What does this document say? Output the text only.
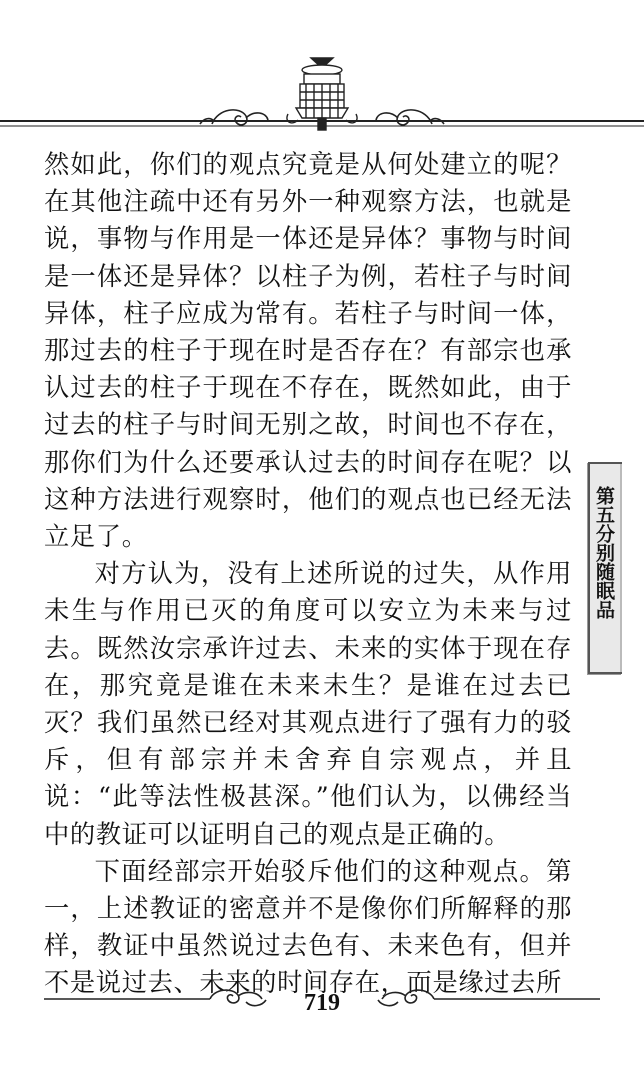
然如此，你们的观点究竟是从何处建立的呢？在其他注疏中还有另外一种观察方法，也就是说，事物与作用是一体还是异体？事物与时间是一体还是异体？以柱子为例，若柱子与时间异体，柱子应成为常有。若柱子与时间一体，那过去的柱子于现在时是否存在？有部宗也承认过去的柱子于现在不存在，既然如此，由于过去的柱子与时间无别之故，时间也不存在，那你们为什么还要承认过去的时间存在呢？以这种方法进行观察时，他们的观点也已经无法立足了。

对方认为，没有上述所说的过失，从作用未生与作用已灭的角度可以安立为未来与过去。既然汝宗承许过去、未来的实体于现在存在，那究竟是谁在未来未生？是谁在过去已灭？我们虽然已经对其观点进行了强有力的驳斥，但有部宗并未舍弃自宗观点，并且说：“此等法性极甚深。”他们认为，以佛经当中的教证可以证明自己的观点是正确的。

下面经部宗开始驳斥他们的这种观点。第一，上述教证的密意并不是像你们所解释的那样，教证中虽然说过去色有、未来色有，但并不是说过去、未来的时间存在，而是缘过去所

第五分别随眠品
719
